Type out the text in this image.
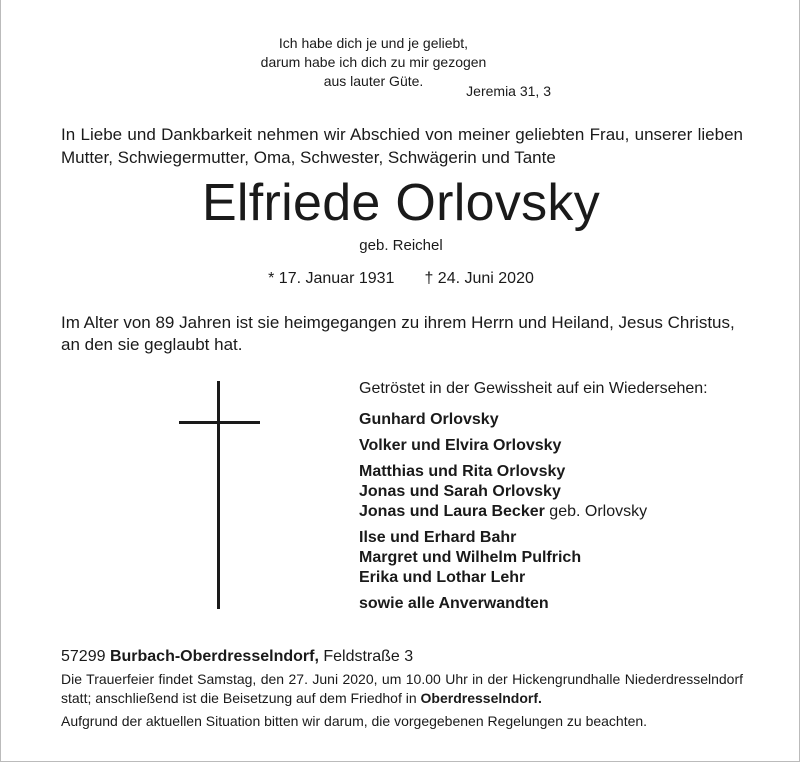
Ich habe dich je und je geliebt,
darum habe ich dich zu mir gezogen
aus lauter Güte.
Jeremia 31, 3
In Liebe und Dankbarkeit nehmen wir Abschied von meiner geliebten Frau, unserer lieben Mutter, Schwiegermutter, Oma, Schwester, Schwägerin und Tante
Elfriede Orlovsky
geb. Reichel
* 17. Januar 1931 † 24. Juni 2020
Im Alter von 89 Jahren ist sie heimgegangen zu ihrem Herrn und Heiland, Jesus Christus, an den sie geglaubt hat.
Getröstet in der Gewissheit auf ein Wiedersehen:
Gunhard Orlovsky
Volker und Elvira Orlovsky
Matthias und Rita Orlovsky
Jonas und Sarah Orlovsky
Jonas und Laura Becker geb. Orlovsky
Ilse und Erhard Bahr
Margret und Wilhelm Pulfrich
Erika und Lothar Lehr
sowie alle Anverwandten
57299 Burbach-Oberdresselndorf, Feldstraße 3
Die Trauerfeier findet Samstag, den 27. Juni 2020, um 10.00 Uhr in der Hickengrundhalle Niederdresselndorf statt; anschließend ist die Beisetzung auf dem Friedhof in Oberdresselndorf.
Aufgrund der aktuellen Situation bitten wir darum, die vorgegebenen Regelungen zu beachten.
